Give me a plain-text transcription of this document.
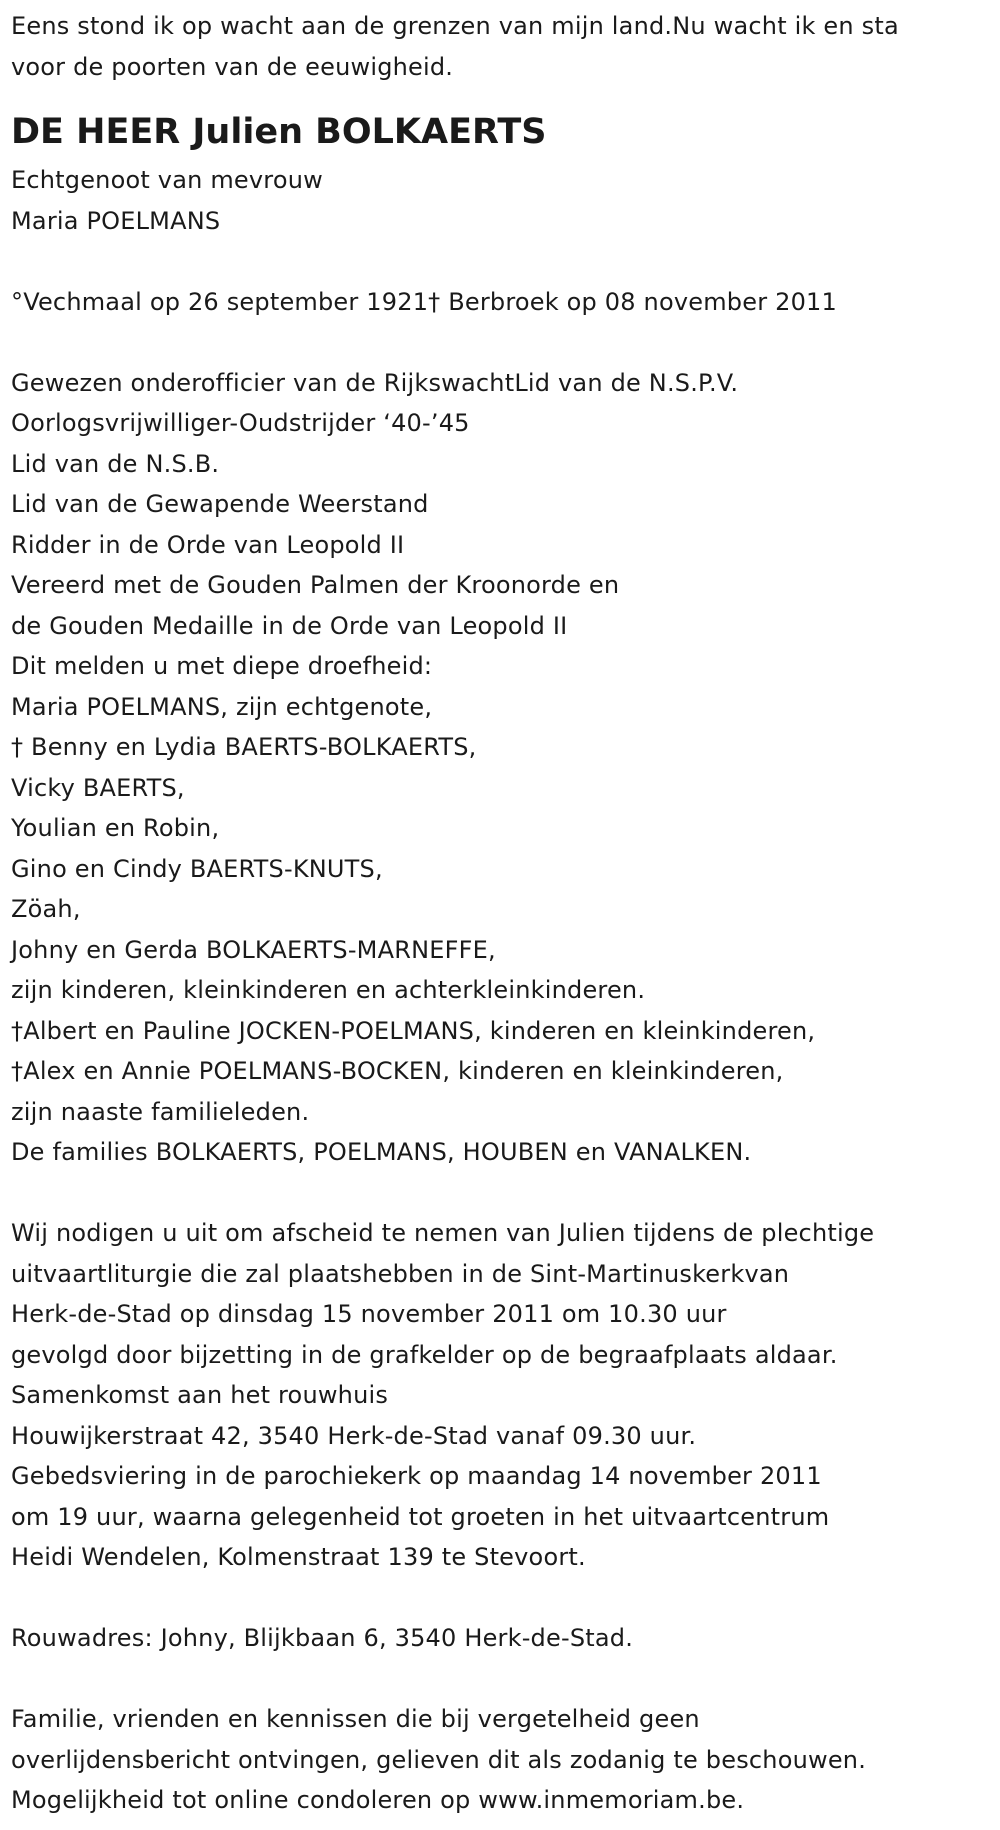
Eens stond ik op wacht aan de grenzen van mijn land.Nu wacht ik en sta
voor de poorten van de eeuwigheid.
DE HEER Julien BOLKAERTS
Echtgenoot van mevrouw
Maria POELMANS
°Vechmaal op 26 september 1921† Berbroek op 08 november 2011
Gewezen onderofficier van de RijkswachtLid van de N.S.P.V.
Oorlogsvrijwilliger-Oudstrijder ‘40-’45
Lid van de N.S.B.
Lid van de Gewapende Weerstand
Ridder in de Orde van Leopold II
Vereerd met de Gouden Palmen der Kroonorde en
de Gouden Medaille in de Orde van Leopold II
Dit melden u met diepe droefheid:
Maria POELMANS, zijn echtgenote,
† Benny en Lydia BAERTS-BOLKAERTS,
Vicky BAERTS,
Youlian en Robin,
Gino en Cindy BAERTS-KNUTS,
Zöah,
Johny en Gerda BOLKAERTS-MARNEFFE,
zijn kinderen, kleinkinderen en achterkleinkinderen.
†Albert en Pauline JOCKEN-POELMANS, kinderen en kleinkinderen,
†Alex en Annie POELMANS-BOCKEN, kinderen en kleinkinderen,
zijn naaste familieleden.
De families BOLKAERTS, POELMANS, HOUBEN en VANALKEN.
Wij nodigen u uit om afscheid te nemen van Julien tijdens de plechtige
uitvaartliturgie die zal plaatshebben in de Sint-Martinuskerkvan
Herk-de-Stad op dinsdag 15 november 2011 om 10.30 uur
gevolgd door bijzetting in de grafkelder op de begraafplaats aldaar.
Samenkomst aan het rouwhuis
Houwijkerstraat 42, 3540 Herk-de-Stad vanaf 09.30 uur.
Gebedsviering in de parochiekerk op maandag 14 november 2011
om 19 uur, waarna gelegenheid tot groeten in het uitvaartcentrum
Heidi Wendelen, Kolmenstraat 139 te Stevoort.
Rouwadres: Johny, Blijkbaan 6, 3540 Herk-de-Stad.
Familie, vrienden en kennissen die bij vergetelheid geen
overlijdensbericht ontvingen, gelieven dit als zodanig te beschouwen.
Mogelijkheid tot online condoleren op www.inmemoriam.be.
